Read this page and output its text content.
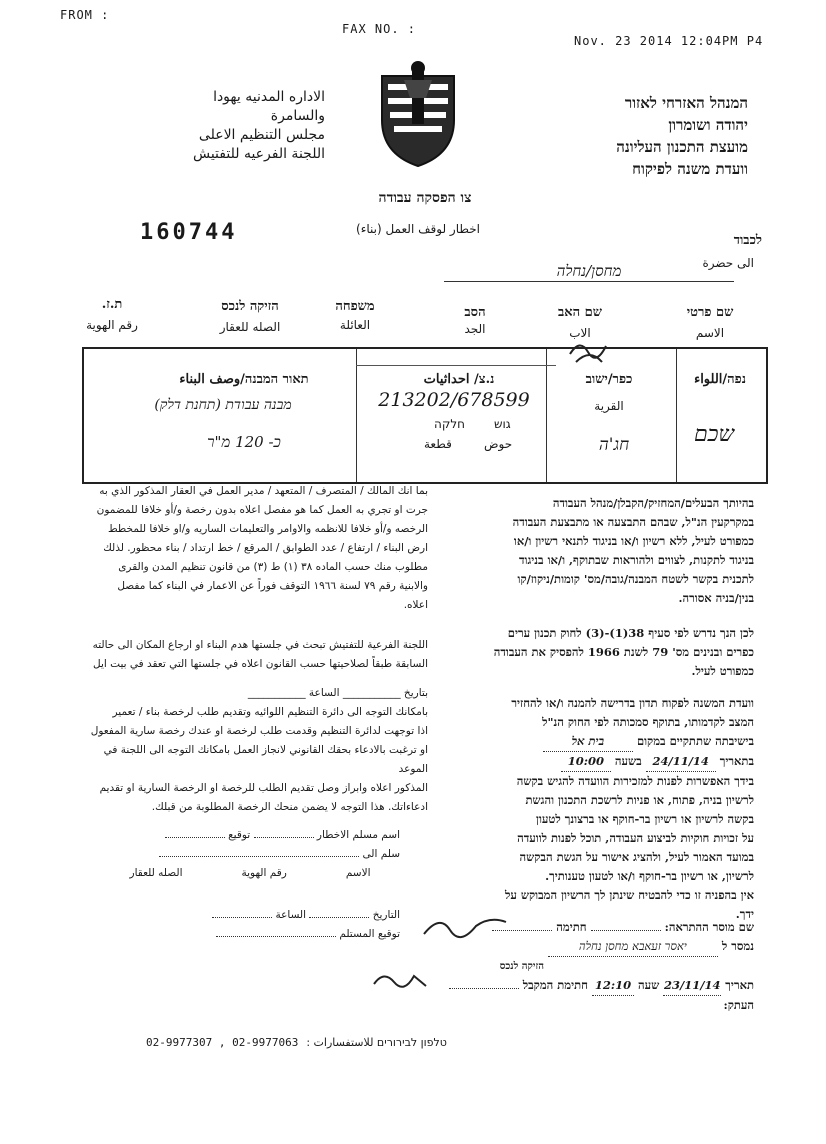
FROM :
FAX NO. :
Nov. 23 2014 12:04PM P4
המנהל האזרחי לאזור
יהודה ושומרון
מועצת התכנון העליונה
וועדת משנה לפיקוח
الاداره المدنيه يهودا
والسامرة
مجلس التنظيم الاعلى
اللجنة الفرعيه للتفتيش
צו הפסקה עבודה
اخطار لوقف العمل (بناء)
160744	לכבוד
الى حضرة
מחסן/נחלה
שם פרטי
الاسم
שם האב
الاب
הסב
الجد
משפחה
العائلة
הזיקה לנכס
الصله للعقار
ת.ז.
رقم الهوية
נפה/اللواء
שכם
כפר/ישוב
القرية
חג'ה
נ.צ/ احداثيات
213202/678599
גוש
חלקה
حوض
قطعة
תאור המבנה/وصف البناء
מבנה עבודת (תחנת דלק)
כ- 120 מ"ר
בהיותך הבעלים/המחזיק/הקבלן/מנהל העבודה
במקרקעין הנ"ל, שבהם התבצעה או מתבצעת העבודה
כמפורט לעיל, ללא רשיון ו/או בניגוד לתנאי רשיון ו/או
בניגוד לתקנות, לצווים ולהוראות שבתוקף, ו/או בניגוד
לתכנית בקשר לשטח המבנה/גובה/מס' קומות/ניקוז/קו
בנין/בניה אסורה.
לכן הנך נדרש לפי סעיף 38(1)-(3) לחוק תכנון ערים
כפרים ובנינים מס' 79 לשנת 1966 להפסיק את העבודה
כמפורט לעיל.
וועדת המשנה לפקוח תדון בדרישה להמנה ו/או להחזיר
המצב לקדמותו, בתוקף סמכותה לפי החוק הנ"ל
בישיבתה שתתקיים במקום בית אל
בתאריך 24/11/14 בשעה 10:00
בידך האפשרות לפנות למזכירות הוועדה להגיש בקשה
לרשיון בניה, פתוח, או פניות לרשכת התכנון והגשת
בקשה לרשיון או רשיון בר-חוקף או ברצונך לטעון
על זכויות חוקיות לביצוע העבודה, תוכל לפנות לוועדה
במועד האמור לעיל, ולהציג אישור על הגשת הבקשה
לרשיון, או רשיון בר-חוקף ו/או לטעון טענותיך.
אין בהפניה זו כדי להבטיח שינתן לך הרשיון המבוקש על
ידך.
שם מוסר ההתראה:  חתימה
נמסר ל יאסר זעאבא מחסן נחלה
הזיקה לנכס
תאריך 23/11/14 שעה 12:10 חתימת המקבל
העתק:
بما انك المالك / المتصرف / المتعهد / مدير العمل في العقار المذكور الذي به
جرت او تجري به العمل كما هو مفصل اعلاه بدون رخصة و/أو خلافا للمضمون
الرخصه و/أو خلافا للانظمه والاوامر والتعليمات الساريه و/او خلافا للمخطط
ارض البناء / ارتفاع / عدد الطوابق / المرقع / خط ارتداد / بناء محظور. لذلك
مطلوب منك حسب الماده ٣٨ (١) ط (٣) من قانون تنظيم المدن والقرى
والابنية رقم ٧٩ لسنة ١٩٦٦ التوقف فوراً عن الاعمار في البناء كما مفصل
اعلاه.
اللجنة الفرعية للتفتيش تبحث في جلستها هدم البناء او ارجاع المكان الى حالته
السابقة طبقاً لصلاحيتها حسب القانون اعلاه في جلستها التي تعقد في بيت ايل
بتاريخ ___________ الساعة ___________
بامكانك التوجه الى دائرة التنظيم اللوائيه وتقديم طلب لرخصة بناء / تعمير
اذا توجهت لدائرة التنظيم وقدمت طلب لرخصة او عندك رخصة سارية المفعول
او ترغبت بالادعاء بحقك القانوني لانجاز العمل بامكانك التوجه الى اللجنة في الموعد
المذكور اعلاه وابراز وصل تقديم الطلب للرخصة او الرخصة السارية او تقديم
ادعاءاتك. هذا التوجه لا يضمن منحك الرخصة المطلوبة من قبلك.
اسم مسلم الاخطار  توقيع
سلم الى
الاسم
رقم الهوية
الصله للعقار
التاريخ  الساعة
توقيع المستلم
02-9977307 , 02-9977063 טלפון לבירורים للاستفسارات :
